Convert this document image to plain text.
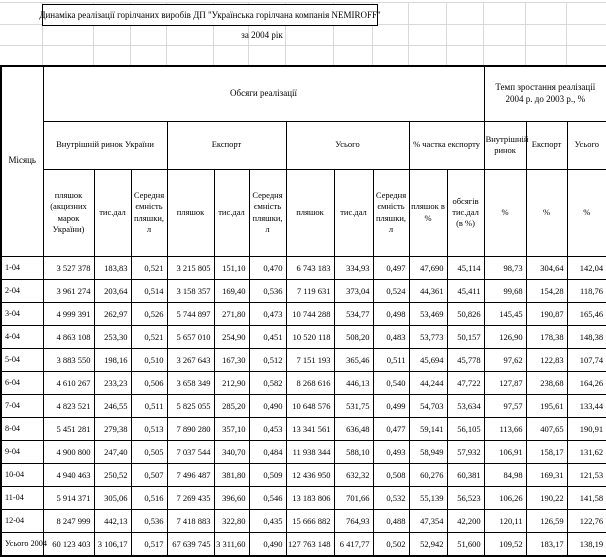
Динаміка реалізації горілчаних виробів ДП "Українська горілчана компанія NEMIROFF"
за 2004 рік
Місяць	Обсяги реалізації											Темп зростання реалізації 2004 р. до 2003 р., %		
	Внутрішній ринок України			Експорт			Усього			% частка експорту		Внутрішній ринок	Експорт	Усього
	пляшок (акцизних марок України)	тис.дал	Середня ємність пляшки, л	пляшок	тис.дал	Середня ємність пляшки, л	пляшок	тис.дал	Середня ємність пляшки, л	пляшок в %	обсягів тис.дал (в %)	%	%	%
1-04	3 527 378	183,83	0,521	3 215 805	151,10	0,470	6 743 183	334,93	0,497	47,690	45,114	98,73	304,64	142,04
2-04	3 961 274	203,64	0,514	3 158 357	169,40	0,536	7 119 631	373,04	0,524	44,361	45,411	99,68	154,28	118,76
3-04	4 999 391	262,97	0,526	5 744 897	271,80	0,473	10 744 288	534,77	0,498	53,469	50,826	145,45	190,87	165,46
4-04	4 863 108	253,30	0,521	5 657 010	254,90	0,451	10 520 118	508,20	0,483	53,773	50,157	126,90	178,38	148,38
5-04	3 883 550	198,16	0,510	3 267 643	167,30	0,512	7 151 193	365,46	0,511	45,694	45,778	97,62	122,83	107,74
6-04	4 610 267	233,23	0,506	3 658 349	212,90	0,582	8 268 616	446,13	0,540	44,244	47,722	127,87	238,68	164,26
7-04	4 823 521	246,55	0,511	5 825 055	285,20	0,490	10 648 576	531,75	0,499	54,703	53,634	97,57	195,61	133,44
8-04	5 451 281	279,38	0,513	7 890 280	357,10	0,453	13 341 561	636,48	0,477	59,141	56,105	113,66	407,65	190,91
9-04	4 900 800	247,40	0,505	7 037 544	340,70	0,484	11 938 344	588,10	0,493	58,949	57,932	106,91	158,17	131,62
10-04	4 940 463	250,52	0,507	7 496 487	381,80	0,509	12 436 950	632,32	0,508	60,276	60,381	84,98	169,31	121,53
11-04	5 914 371	305,06	0,516	7 269 435	396,60	0,546	13 183 806	701,66	0,532	55,139	56,523	106,26	190,22	141,58
12-04	8 247 999	442,13	0,536	7 418 883	322,80	0,435	15 666 882	764,93	0,488	47,354	42,200	120,11	126,59	122,76
Усього 2004	60 123 403	3 106,17	0,517	67 639 745	3 311,60	0,490	127 763 148	6 417,77	0,502	52,942	51,600	109,52	183,17	138,19
